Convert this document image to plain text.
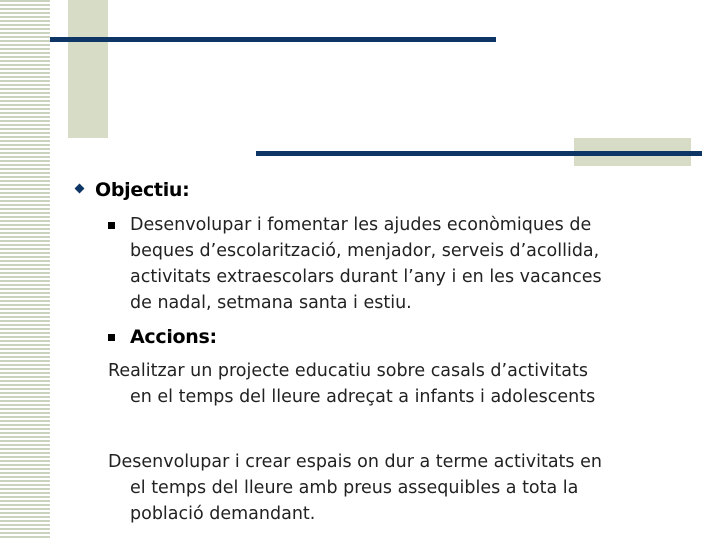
Objectiu:
Desenvolupar i fomentar les ajudes econòmiques de
beques d’escolarització, menjador, serveis d’acollida,
activitats extraescolars durant l’any i en les vacances
de nadal, setmana santa i estiu.
Accions:
Realitzar un projecte educatiu sobre casals d’activitats
en el temps del lleure adreçat a infants i adolescents
Desenvolupar i crear espais on dur a terme activitats en
el temps del lleure amb preus assequibles a tota la
població demandant.
